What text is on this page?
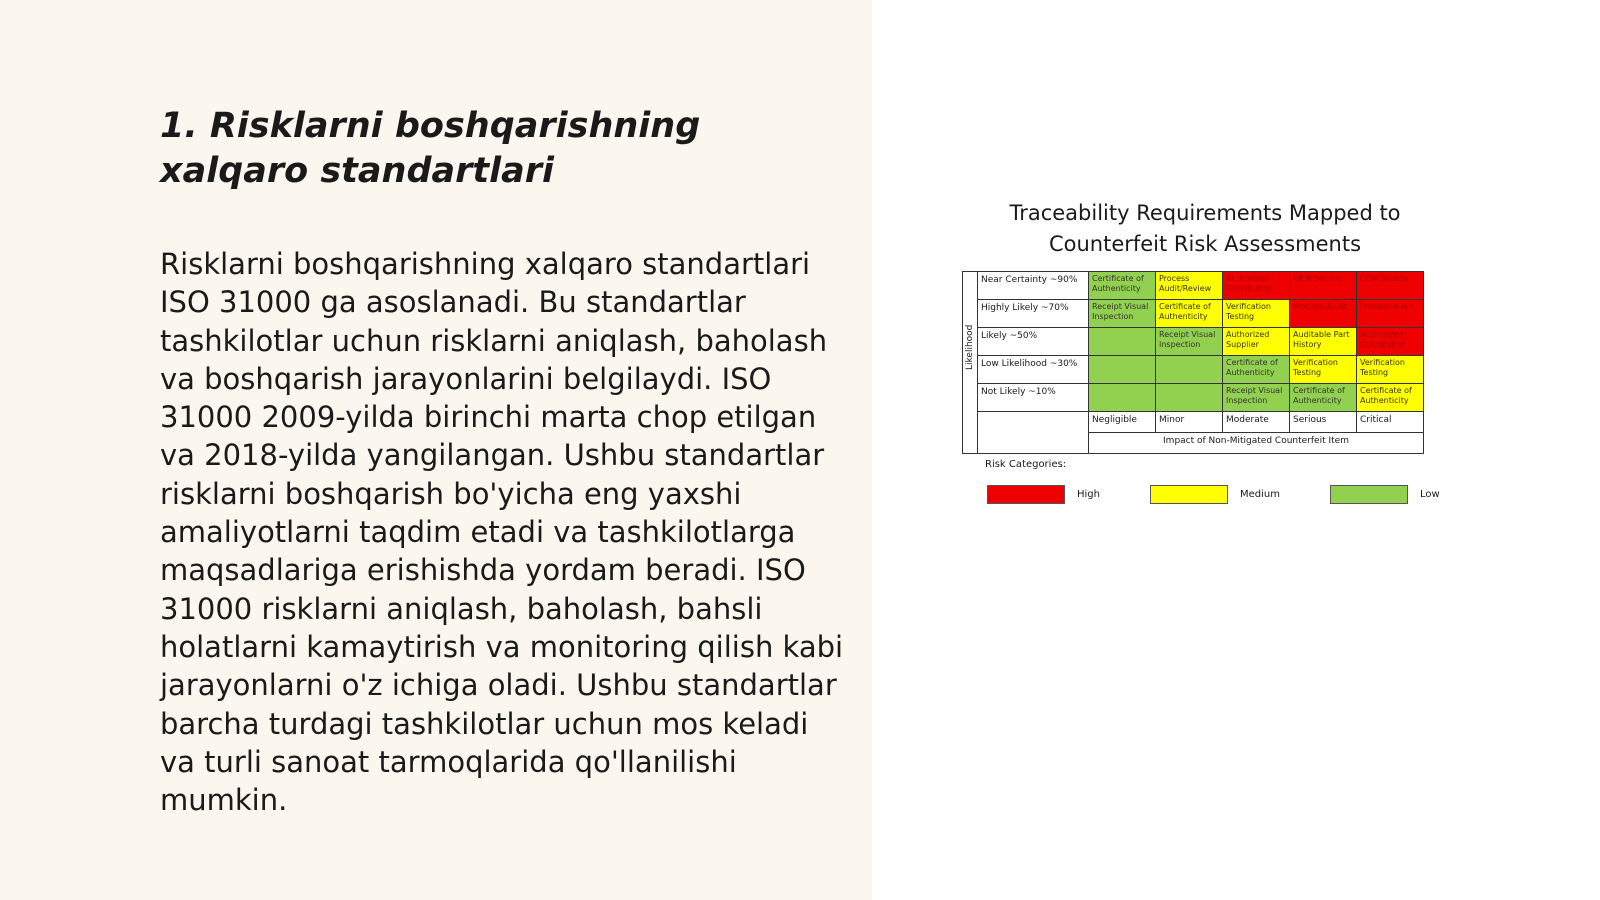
1. Risklarni boshqarishning xalqaro standartlari

Risklarni boshqarishning xalqaro standartlari ISO 31000 ga asoslanadi. Bu standartlar tashkilotlar uchun risklarni aniqlash, baholash va boshqarish jarayonlarini belgilaydi. ISO 31000 2009-yilda birinchi marta chop etilgan va 2018-yilda yangilangan. Ushbu standartlar risklarni boshqarish bo'yicha eng yaxshi amaliyotlarni taqdim etadi va tashkilotlarga maqsadlariga erishishda yordam beradi. ISO 31000 risklarni aniqlash, baholash, bahsli holatlarni kamaytirish va monitoring qilish kabi jarayonlarni o'z ichiga oladi. Ushbu standartlar barcha turdagi tashkilotlar uchun mos keladi va turli sanoat tarmoqlarida qo'llanilishi mumkin.

Traceability Requirements Mapped to Counterfeit Risk Assessments
Likelihood	Near Certainty ~90%	Certificate of Authenticity	Process Audit/Review	Authorized Distribution	OEM Source	OEM Source
	Highly Likely ~70%	Receipt Visual Inspection	Certificate of Authenticity	Verification Testing	Process Audit	Process Audit
	Likely ~50%		Receipt Visual Inspection	Authorized Supplier	Auditable Part History	Authorized Distribution
	Low Likelihood ~30%			Certificate of Authenticity	Verification Testing	Verification Testing
	Not Likely ~10%			Receipt Visual Inspection	Certificate of Authenticity	Certificate of Authenticity
		Negligible	Minor	Moderate	Serious	Critical
		Impact of Non-Mitigated Counterfeit Item				
Risk Categories:
High	Medium	Low
